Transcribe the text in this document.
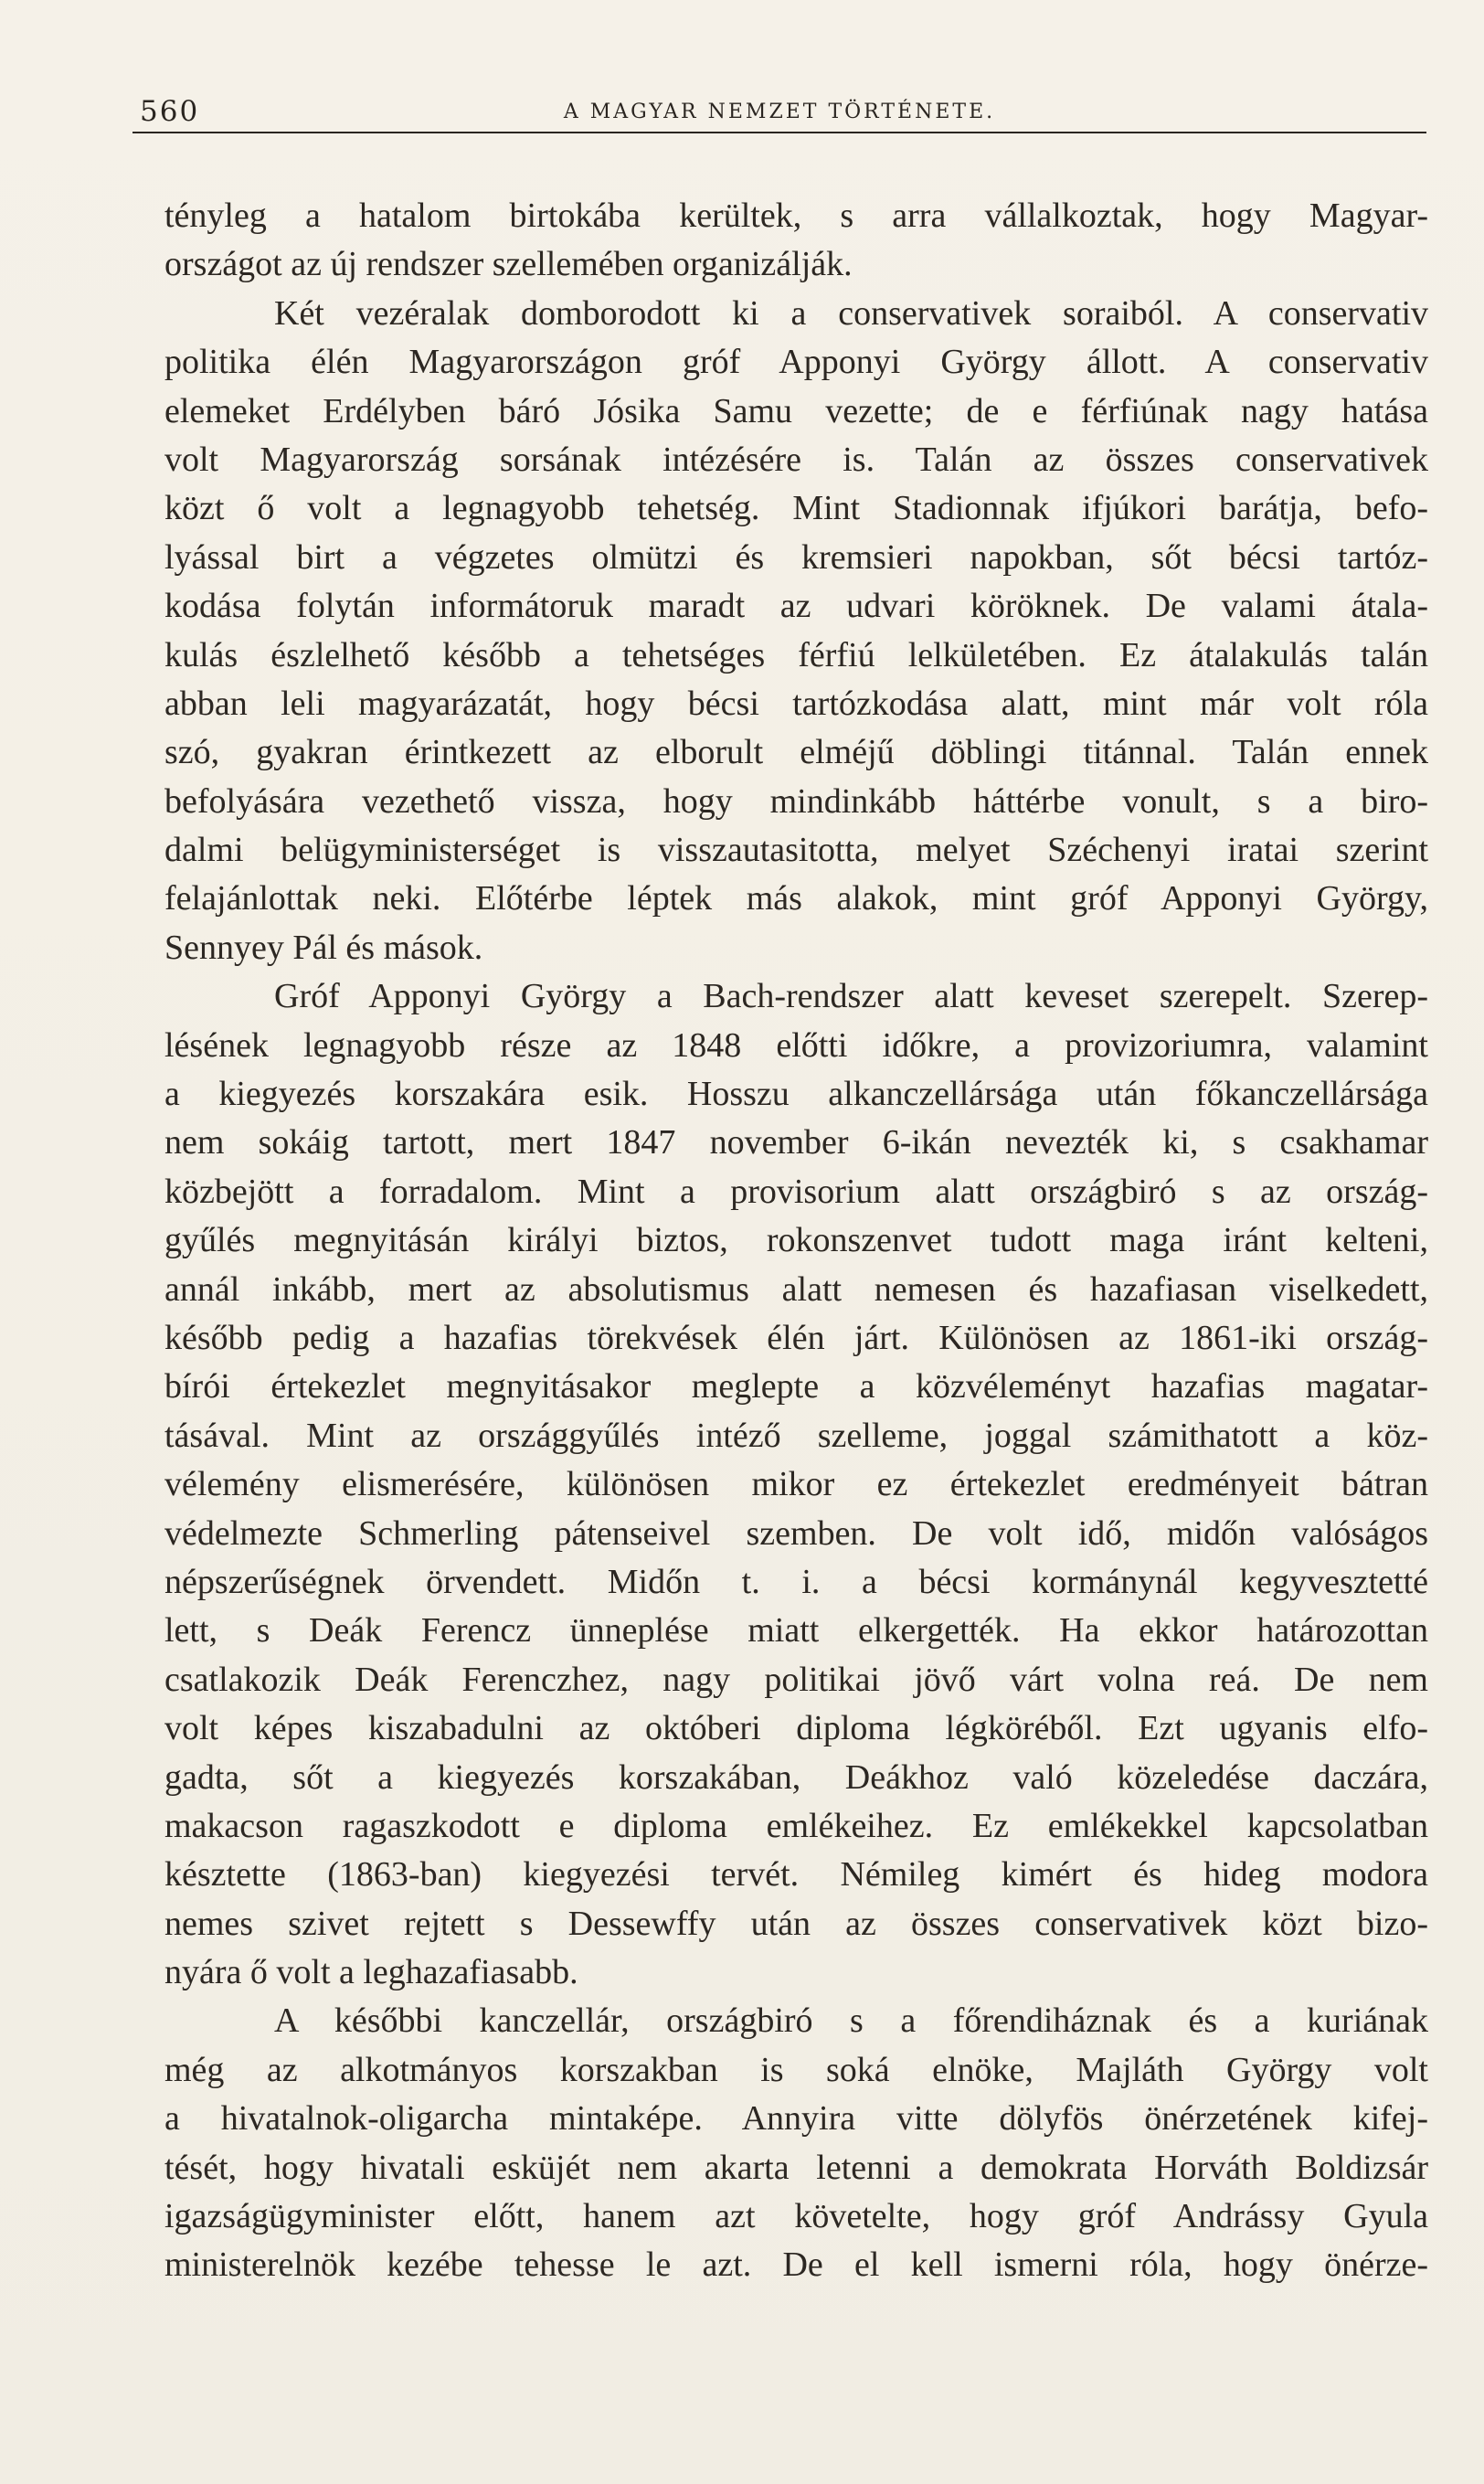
560	A MAGYAR NEMZET TÖRTÉNETE.
tényleg a hatalom birtokába kerültek, s arra vállalkoztak, hogy Magyar-
országot az új rendszer szellemében organizálják.
Két vezéralak domborodott ki a conservativek soraiból. A conservativ
politika élén Magyarországon gróf Apponyi György állott. A conservativ
elemeket Erdélyben báró Jósika Samu vezette; de e férfiúnak nagy hatása
volt Magyarország sorsának intézésére is. Talán az összes conservativek
közt ő volt a legnagyobb tehetség. Mint Stadionnak ifjúkori barátja, befo-
lyással birt a végzetes olmützi és kremsieri napokban, sőt bécsi tartóz-
kodása folytán informátoruk maradt az udvari köröknek. De valami átala-
kulás észlelhető később a tehetséges férfiú lelkületében. Ez átalakulás talán
abban leli magyarázatát, hogy bécsi tartózkodása alatt, mint már volt róla
szó, gyakran érintkezett az elborult elméjű döblingi titánnal. Talán ennek
befolyására vezethető vissza, hogy mindinkább háttérbe vonult, s a biro-
dalmi belügyministerséget is visszautasitotta, melyet Széchenyi iratai szerint
felajánlottak neki. Előtérbe léptek más alakok, mint gróf Apponyi György,
Sennyey Pál és mások.
Gróf Apponyi György a Bach-rendszer alatt keveset szerepelt. Szerep-
lésének legnagyobb része az 1848 előtti időkre, a provizoriumra, valamint
a kiegyezés korszakára esik. Hosszu alkanczellársága után főkanczellársága
nem sokáig tartott, mert 1847 november 6-ikán nevezték ki, s csakhamar
közbejött a forradalom. Mint a provisorium alatt országbiró s az ország-
gyűlés megnyitásán királyi biztos, rokonszenvet tudott maga iránt kelteni,
annál inkább, mert az absolutismus alatt nemesen és hazafiasan viselkedett,
később pedig a hazafias törekvések élén járt. Különösen az 1861-iki ország-
bírói értekezlet megnyitásakor meglepte a közvéleményt hazafias magatar-
tásával. Mint az országgyűlés intéző szelleme, joggal számithatott a köz-
vélemény elismerésére, különösen mikor ez értekezlet eredményeit bátran
védelmezte Schmerling pátenseivel szemben. De volt idő, midőn valóságos
népszerűségnek örvendett. Midőn t. i. a bécsi kormánynál kegyvesztetté
lett, s Deák Ferencz ünneplése miatt elkergették. Ha ekkor határozottan
csatlakozik Deák Ferenczhez, nagy politikai jövő várt volna reá. De nem
volt képes kiszabadulni az októberi diploma légköréből. Ezt ugyanis elfo-
gadta, sőt a kiegyezés korszakában, Deákhoz való közeledése daczára,
makacson ragaszkodott e diploma emlékeihez. Ez emlékekkel kapcsolatban
késztette (1863-ban) kiegyezési tervét. Némileg kimért és hideg modora
nemes szivet rejtett s Dessewffy után az összes conservativek közt bizo-
nyára ő volt a leghazafiasabb.
A későbbi kanczellár, országbiró s a főrendiháznak és a kuriának
még az alkotmányos korszakban is soká elnöke, Majláth György volt
a hivatalnok-oligarcha mintaképe. Annyira vitte dölyfös önérzetének kifej-
tését, hogy hivatali esküjét nem akarta letenni a demokrata Horváth Boldizsár
igazságügyminister előtt, hanem azt követelte, hogy gróf Andrássy Gyula
ministerelnök kezébe tehesse le azt. De el kell ismerni róla, hogy önérze-
